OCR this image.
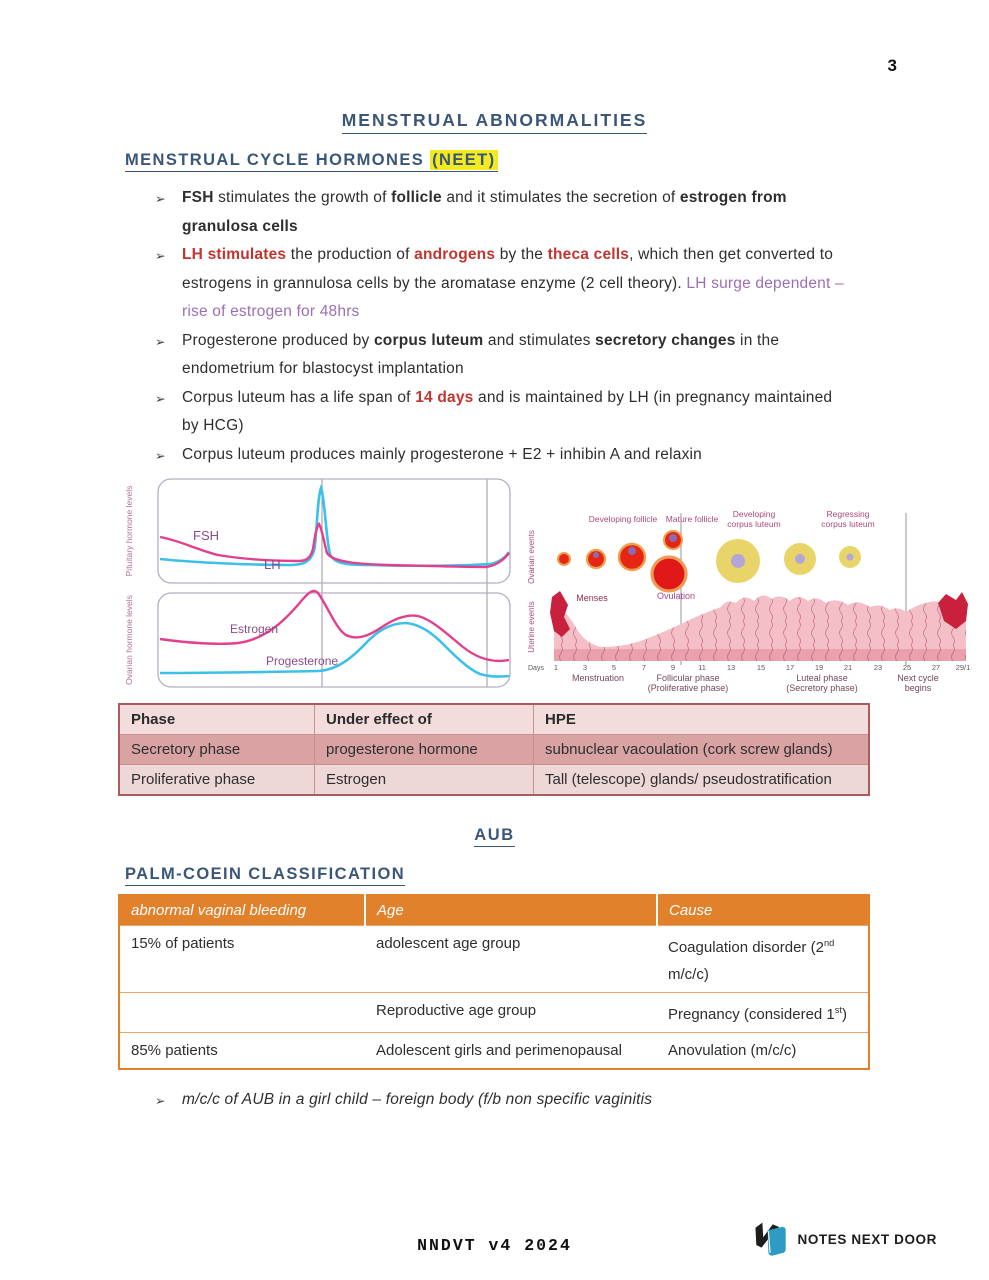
3
MENSTRUAL ABNORMALITIES
MENSTRUAL CYCLE HORMONES (NEET)
➢ FSH stimulates the growth of follicle and it stimulates the secretion of estrogen from granulosa cells
➢ LH stimulates the production of androgens by the theca cells, which then get converted to estrogens in grannulosa cells by the aromatase enzyme (2 cell theory). LH surge dependent – rise of estrogen for 48hrs
➢ Progesterone produced by corpus luteum and stimulates secretory changes in the endometrium for blastocyst implantation
➢ Corpus luteum has a life span of 14 days and is maintained by LH (in pregnancy maintained by HCG)
➢ Corpus luteum produces mainly progesterone + E2 + inhibin A and relaxin
Pituitary hormone levels
Ovarian hormone levels
FSH
LH
Estrogen
Progesterone
Ovarian events
Uterine events
Developing follicle Mature follicle Developing
corpus luteum
Regressing
corpus luteum
Ovulation
Menses
Days 1	3	5	7	9	11	13	15	17	19	21	23	25	27 29/1
Menstruation	Follicular phase
(Proliferative phase)
Luteal phase
(Secretory phase)
Next cycle
begins
Phase	Under effect of	HPE
Secretory phase	progesterone hormone	subnuclear vacoulation (cork screw glands)
Proliferative phase	Estrogen	Tall (telescope) glands/ pseudostratification
AUB
PALM-COEIN CLASSIFICATION
abnormal vaginal bleeding	Age	Cause
15% of patients	adolescent age group	Coagulation disorder (2nd m/c/c)
	Reproductive age group	Pregnancy (considered 1st)
85% patients	Adolescent girls and perimenopausal	Anovulation (m/c/c)
➢ m/c/c of AUB in a girl child – foreign body (f/b non specific vaginitis
NNDVT v4 2024	NOTES NEXT DOOR
